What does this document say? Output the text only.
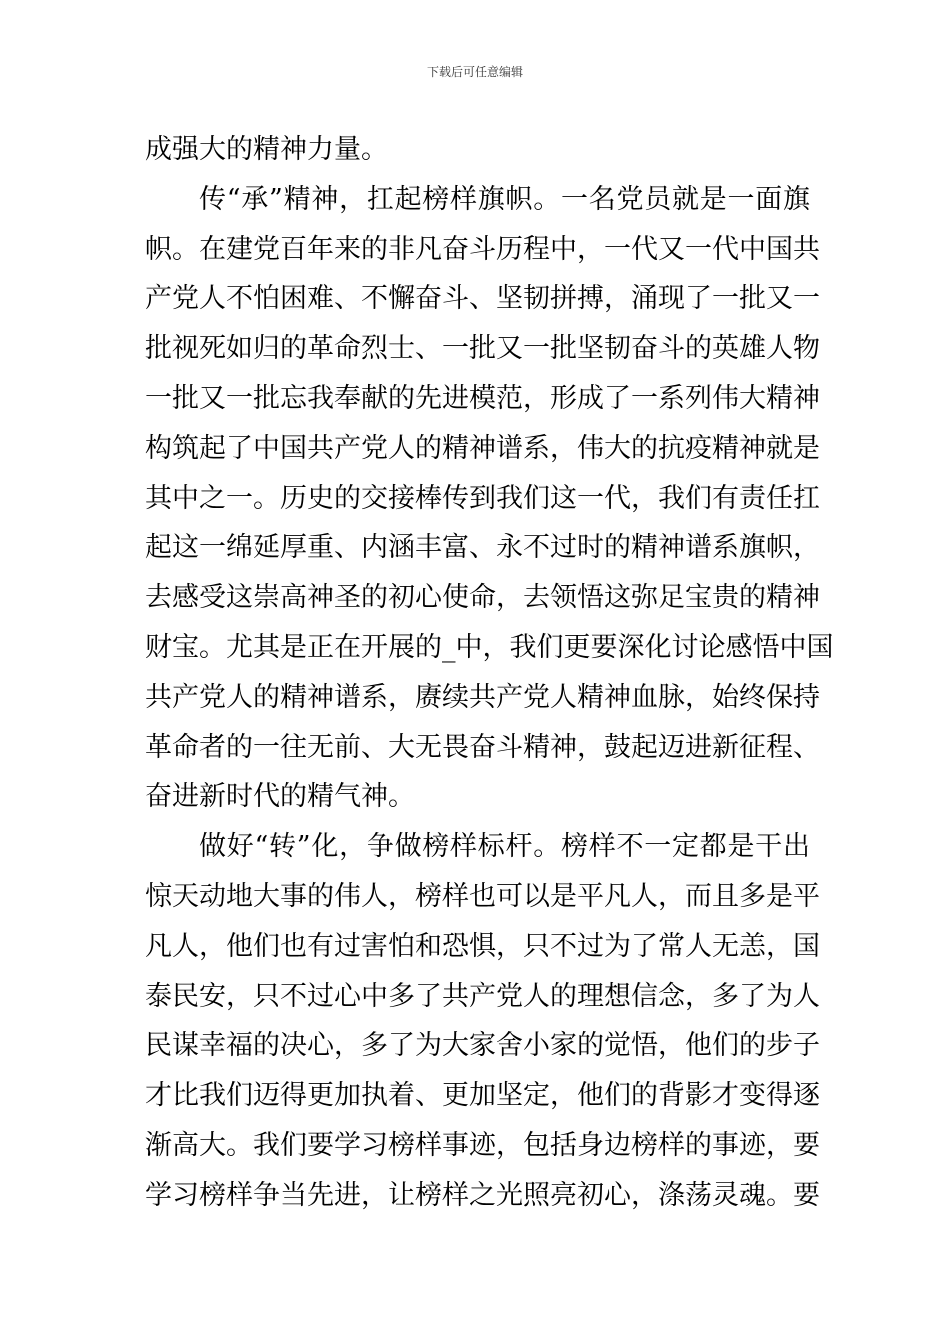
下载后可任意编辑
成强大的精神力量。
传“承”精神，扛起榜样旗帜。一名党员就是一面旗
帜。在建党百年来的非凡奋斗历程中，一代又一代中国共
产党人不怕困难、不懈奋斗、坚韧拼搏，涌现了一批又一
批视死如归的革命烈士、一批又一批坚韧奋斗的英雄人物
一批又一批忘我奉献的先进模范，形成了一系列伟大精神
构筑起了中国共产党人的精神谱系，伟大的抗疫精神就是
其中之一。历史的交接棒传到我们这一代，我们有责任扛
起这一绵延厚重、内涵丰富、永不过时的精神谱系旗帜，
去感受这崇高神圣的初心使命，去领悟这弥足宝贵的精神
财宝。尤其是正在开展的_中，我们更要深化讨论感悟中国
共产党人的精神谱系，赓续共产党人精神血脉，始终保持
革命者的一往无前、大无畏奋斗精神，鼓起迈进新征程、
奋进新时代的精气神。
做好“转”化，争做榜样标杆。榜样不一定都是干出
惊天动地大事的伟人，榜样也可以是平凡人，而且多是平
凡人，他们也有过害怕和恐惧，只不过为了常人无恙，国
泰民安，只不过心中多了共产党人的理想信念，多了为人
民谋幸福的决心，多了为大家舍小家的觉悟，他们的步子
才比我们迈得更加执着、更加坚定，他们的背影才变得逐
渐高大。我们要学习榜样事迹，包括身边榜样的事迹，要
学习榜样争当先进，让榜样之光照亮初心，涤荡灵魂。要
